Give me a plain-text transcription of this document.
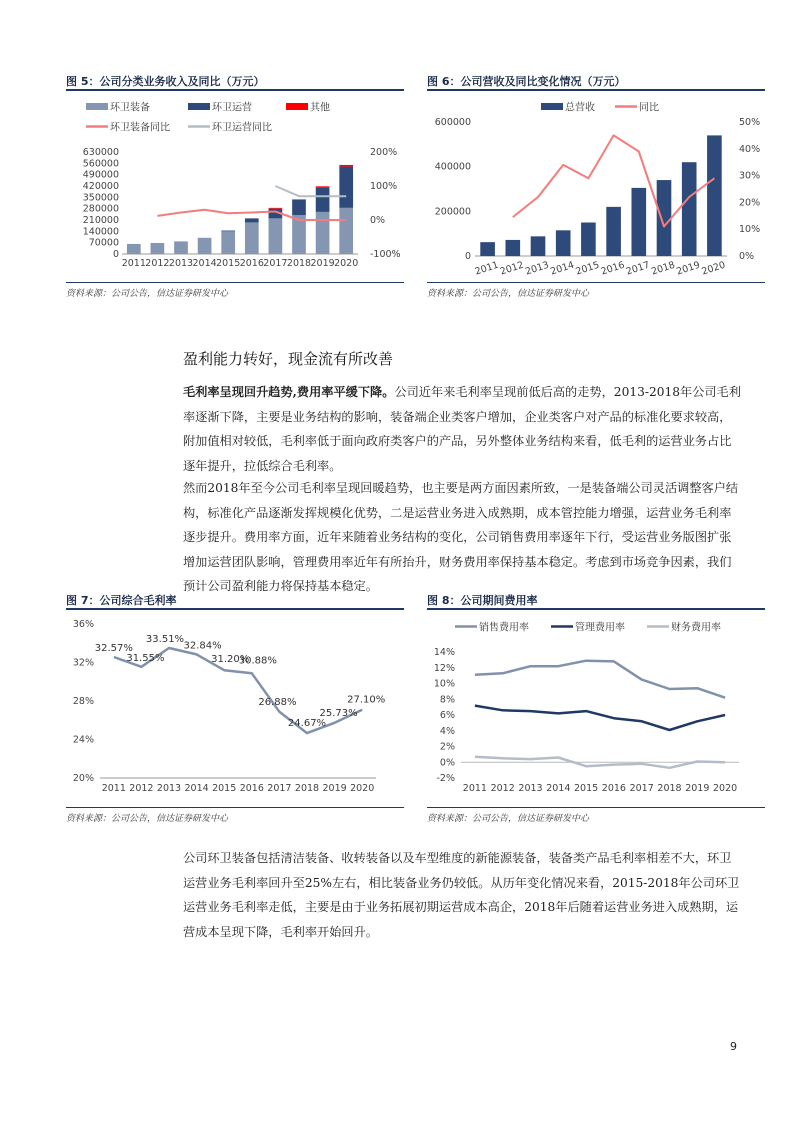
图 5：公司分类业务收入及同比（万元）
环卫装备	环卫运营	其他
环卫装备同比	环卫运营同比
630000
560000
490000
420000
350000
280000
210000
140000
70000
0
200%
100%
0%
-100%
2011 2012 2013 2014 2015 2016 2017 2018 2019 2020
资料来源：公司公告，信达证券研发中心
图 6：公司营收及同比变化情况（万元）
总营收	同比
600000
400000
200000
0
50%
40%
30%
20%
10%
0%
2011
2012
2013
2014
2015
2016
2017
2018
2019
2020
资料来源：公司公告，信达证券研发中心
盈利能力转好，现金流有所改善
毛利率呈现回升趋势,费用率平缓下降。公司近年来毛利率呈现前低后高的走势，2013-2018年公司毛利率逐渐下降，主要是业务结构的影响，装备端企业类客户增加，企业类客户对产品的标准化要求较高，附加值相对较低，毛利率低于面向政府类客户的产品，另外整体业务结构来看，低毛利的运营业务占比逐年提升，拉低综合毛利率。
然而2018年至今公司毛利率呈现回暖趋势，也主要是两方面因素所致，一是装备端公司灵活调整客户结构，标准化产品逐渐发挥规模化优势，二是运营业务进入成熟期，成本管控能力增强，运营业务毛利率逐步提升。费用率方面，近年来随着业务结构的变化，公司销售费用率逐年下行，受运营业务版图扩张增加运营团队影响，管理费用率近年有所抬升，财务费用率保持基本稳定。考虑到市场竞争因素，我们预计公司盈利能力将保持基本稳定。
图 7：公司综合毛利率
36%
32%
28%
24%
20%
32.57%
31.55%
33.51%
32.84%
31.20%
30.88%
26.88%
24.67%
25.73%
27.10%
2011 2012 2013 2014 2015 2016 2017 2018 2019 2020
资料来源：公司公告，信达证券研发中心
图 8：公司期间费用率
销售费用率	管理费用率	财务费用率
14%
12%
10%
8%
6%
4%
2%
0%
-2%
2011 2012 2013 2014 2015 2016 2017 2018 2019 2020
资料来源：公司公告，信达证券研发中心
公司环卫装备包括清洁装备、收转装备以及车型维度的新能源装备，装备类产品毛利率相差不大，环卫运营业务毛利率回升至25%左右，相比装备业务仍较低。从历年变化情况来看，2015-2018年公司环卫运营业务毛利率走低，主要是由于业务拓展初期运营成本高企，2018年后随着运营业务进入成熟期，运营成本呈现下降，毛利率开始回升。
9
